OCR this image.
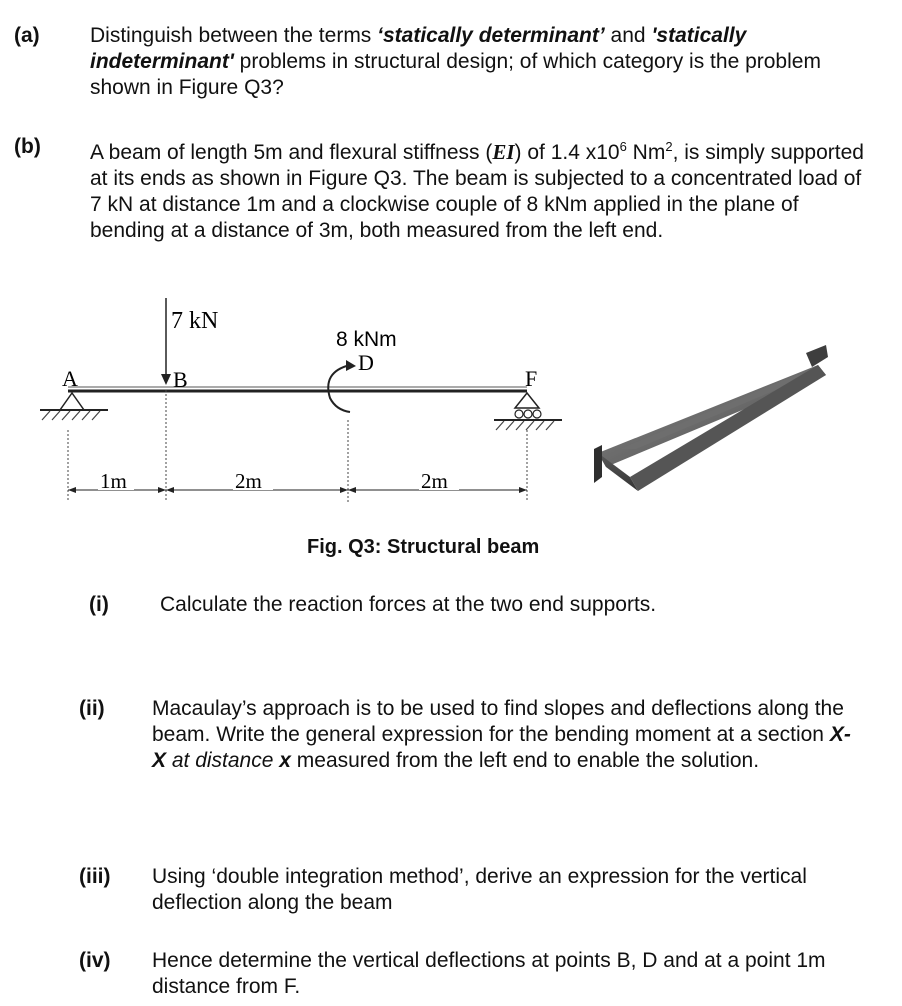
(a) Distinguish between the terms ‘statically determinant’ and 'statically indeterminant' problems in structural design; of which category is the problem shown in Figure Q3?
(b) A beam of length 5m and flexural stiffness (EI) of 1.4 $x10^6$ Nm$^2$, is simply supported at its ends as shown in Figure Q3. The beam is subjected to a concentrated load of 7 kN at distance 1m and a clockwise couple of 8 kNm applied in the plane of bending at a distance of 3m, both measured from the left end.
7 kN
8 kNm
A	B
D
F
1m	2m	2m
Fig. Q3: Structural beam
(i) Calculate the reaction forces at the two end supports.
(ii) Macaulay’s approach is to be used to find slopes and deflections along the beam. Write the general expression for the bending moment at a section X-X at distance x measured from the left end to enable the solution.
(iii) Using ‘double integration method’, derive an expression for the vertical deflection along the beam
(iv) Hence determine the vertical deflections at points B, D and at a point 1m distance from F.
